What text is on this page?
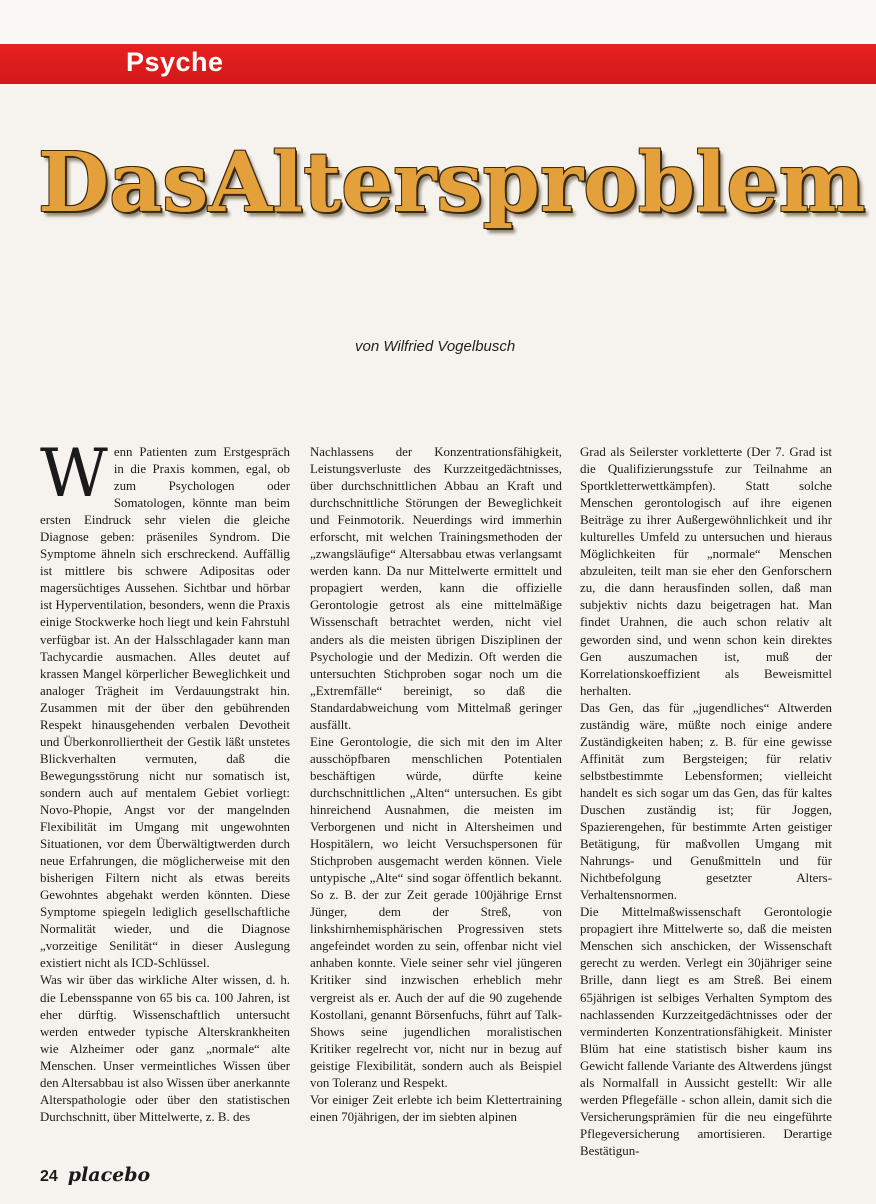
Psyche
D a s A l t e r s p r o b l e m
von Wilfried Vogelbusch

Wenn Patienten zum Erstgespräch in die Praxis kommen, egal, ob zum Psychologen oder Somatologen, könnte man beim ersten Eindruck sehr vielen die gleiche Diagnose geben: präseniles Syndrom. Die Symptome ähneln sich erschreckend. Auffällig ist mittlere bis schwere Adipositas oder magersüchtiges Aussehen. Sichtbar und hörbar ist Hyperventilation, besonders, wenn die Praxis einige Stockwerke hoch liegt und kein Fahrstuhl verfügbar ist. An der Halsschlagader kann man Tachycardie ausmachen. Alles deutet auf krassen Mangel körperlicher Beweglichkeit und analoger Trägheit im Verdauungstrakt hin. Zusammen mit der über den gebührenden Respekt hinausgehenden verbalen Devotheit und Überkonrolliertheit der Gestik läßt unstetes Blickverhalten vermuten, daß die Bewegungsstörung nicht nur somatisch ist, sondern auch auf mentalem Gebiet vorliegt: Novo-Phopie, Angst vor der mangelnden Flexibilität im Umgang mit ungewohnten Situationen, vor dem Überwältigtwerden durch neue Erfahrungen, die möglicherweise mit den bisherigen Filtern nicht als etwas bereits Gewohntes abgehakt werden könnten. Diese Symptome spiegeln lediglich gesellschaftliche Normalität wieder, und die Diagnose „vorzeitige Senilität“ in dieser Auslegung existiert nicht als ICD-Schlüssel.

Was wir über das wirkliche Alter wissen, d. h. die Lebensspanne von 65 bis ca. 100 Jahren, ist eher dürftig. Wissenschaftlich untersucht werden entweder typische Alterskrankheiten wie Alzheimer oder ganz „normale“ alte Menschen. Unser vermeintliches Wissen über den Altersabbau ist also Wissen über anerkannte Alterspathologie oder über den statistischen Durchschnitt, über Mittelwerte, z. B. des

Nachlassens der Konzentrationsfähigkeit, Leistungsverluste des Kurzzeitgedächtnisses, über durchschnittlichen Abbau an Kraft und durchschnittliche Störungen der Beweglichkeit und Feinmotorik. Neuerdings wird immerhin erforscht, mit welchen Trainingsmethoden der „zwangsläufige“ Altersabbau etwas verlangsamt werden kann. Da nur Mittelwerte ermittelt und propagiert werden, kann die offizielle Gerontologie getrost als eine mittelmäßige Wissenschaft betrachtet werden, nicht viel anders als die meisten übrigen Disziplinen der Psychologie und der Medizin. Oft werden die untersuchten Stichproben sogar noch um die „Extremfälle“ bereinigt, so daß die Standardabweichung vom Mittelmaß geringer ausfällt.

Eine Gerontologie, die sich mit den im Alter ausschöpfbaren menschlichen Potentialen beschäftigen würde, dürfte keine durchschnittlichen „Alten“ untersuchen. Es gibt hinreichend Ausnahmen, die meisten im Verborgenen und nicht in Altersheimen und Hospitälern, wo leicht Versuchspersonen für Stichproben ausgemacht werden können. Viele untypische „Alte“ sind sogar öffentlich bekannt. So z. B. der zur Zeit gerade 100jährige Ernst Jünger, dem der Streß, von linkshirnhemisphärischen Progressiven stets angefeindet worden zu sein, offenbar nicht viel anhaben konnte. Viele seiner sehr viel jüngeren Kritiker sind inzwischen erheblich mehr vergreist als er. Auch der auf die 90 zugehende Kostollani, genannt Börsenfuchs, führt auf Talk-Shows seine jugendlichen moralistischen Kritiker regelrecht vor, nicht nur in bezug auf geistige Flexibilität, sondern auch als Beispiel von Toleranz und Respekt.

Vor einiger Zeit erlebte ich beim Klettertraining einen 70jährigen, der im siebten alpinen

Grad als Seilerster vorkletterte (Der 7. Grad ist die Qualifizierungsstufe zur Teilnahme an Sportkletterwettkämpfen). Statt solche Menschen gerontologisch auf ihre eigenen Beiträge zu ihrer Außergewöhnlichkeit und ihr kulturelles Umfeld zu untersuchen und hieraus Möglichkeiten für „normale“ Menschen abzuleiten, teilt man sie eher den Genforschern zu, die dann herausfinden sollen, daß man subjektiv nichts dazu beigetragen hat. Man findet Urahnen, die auch schon relativ alt geworden sind, und wenn schon kein direktes Gen auszumachen ist, muß der Korrelationskoeffizient als Beweismittel herhalten.

Das Gen, das für „jugendliches“ Altwerden zuständig wäre, müßte noch einige andere Zuständigkeiten haben; z. B. für eine gewisse Affinität zum Bergsteigen; für relativ selbstbestimmte Lebensformen; vielleicht handelt es sich sogar um das Gen, das für kaltes Duschen zuständig ist; für Joggen, Spazierengehen, für bestimmte Arten geistiger Betätigung, für maßvollen Umgang mit Nahrungs- und Genußmitteln und für Nichtbefolgung gesetzter Alters-Verhaltensnormen.

Die Mittelmaßwissenschaft Gerontologie propagiert ihre Mittelwerte so, daß die meisten Menschen sich anschicken, der Wissenschaft gerecht zu werden. Verlegt ein 30jähriger seine Brille, dann liegt es am Streß. Bei einem 65jährigen ist selbiges Verhalten Symptom des nachlassenden Kurzzeitgedächtnisses oder der verminderten Konzentrationsfähigkeit. Minister Blüm hat eine statistisch bisher kaum ins Gewicht fallende Variante des Altwerdens jüngst als Normalfall in Aussicht gestellt: Wir alle werden Pflegefälle - schon allein, damit sich die Versicherungsprämien für die neu eingeführte Pflegeversicherung amortisieren. Derartige Bestätigun-

24 placebo
